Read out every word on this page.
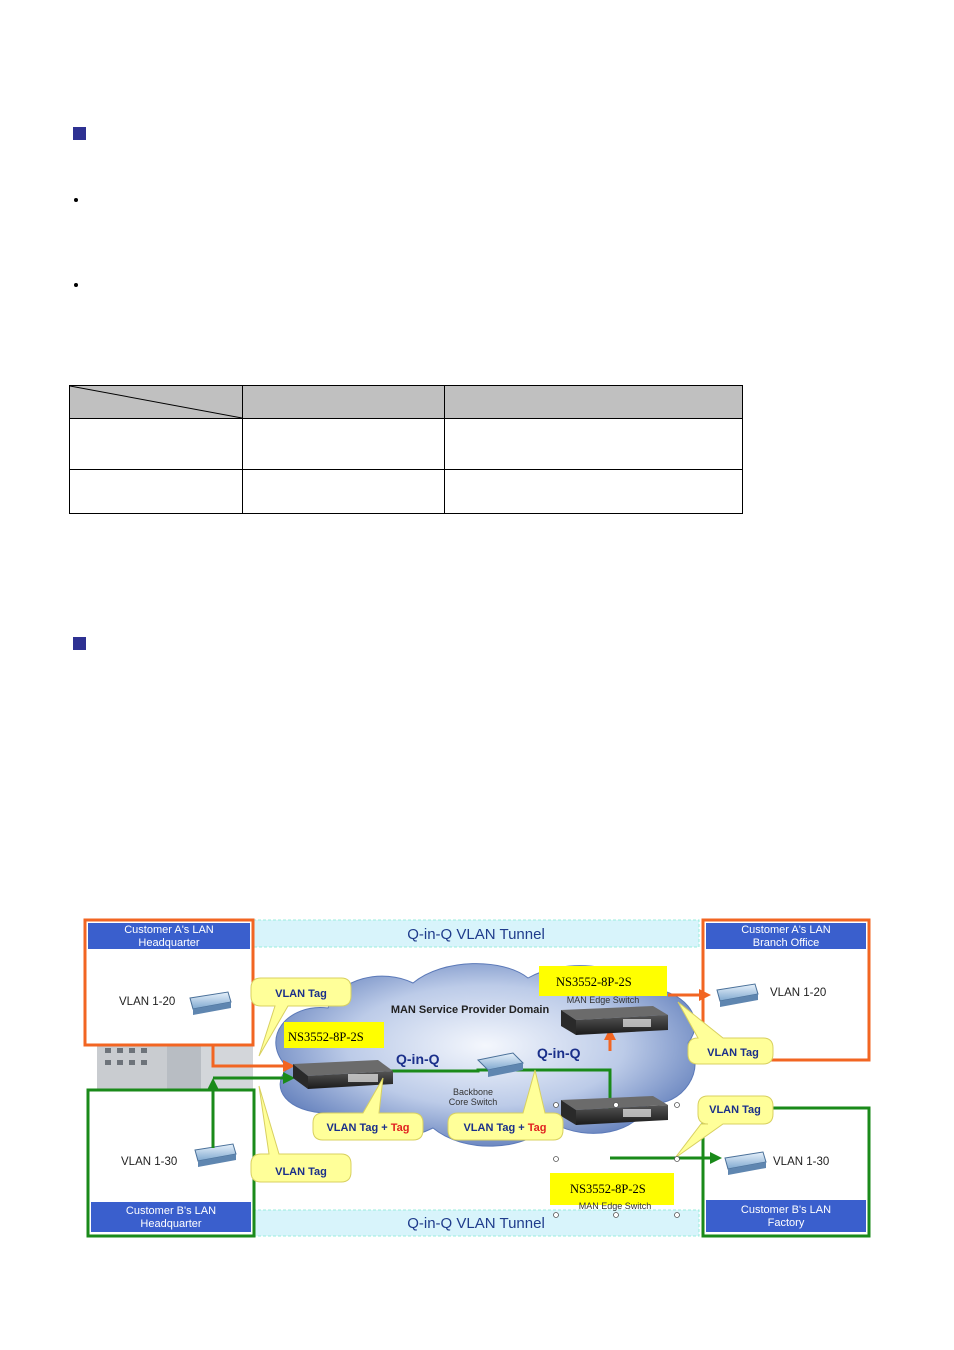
Q-in-Q VLAN Tunnel
Q-in-Q VLAN Tunnel
Customer A's LAN
Headquarter
VLAN 1-20
Customer B's LAN
Headquarter
VLAN 1-30
Customer A's LAN
Branch Office
VLAN 1-20
Customer B's LAN
Factory
VLAN 1-30
MAN Service Provider Domain
Backbone
Core Switch
Q-in-Q	Q-in-Q
NS3552-8P-2S
NS3552-8P-2S
MAN Edge Switch
NS3552-8P-2S
MAN Edge Switch
VLAN Tag
VLAN Tag
VLAN Tag + Tag	VLAN Tag + Tag
VLAN Tag
VLAN Tag
